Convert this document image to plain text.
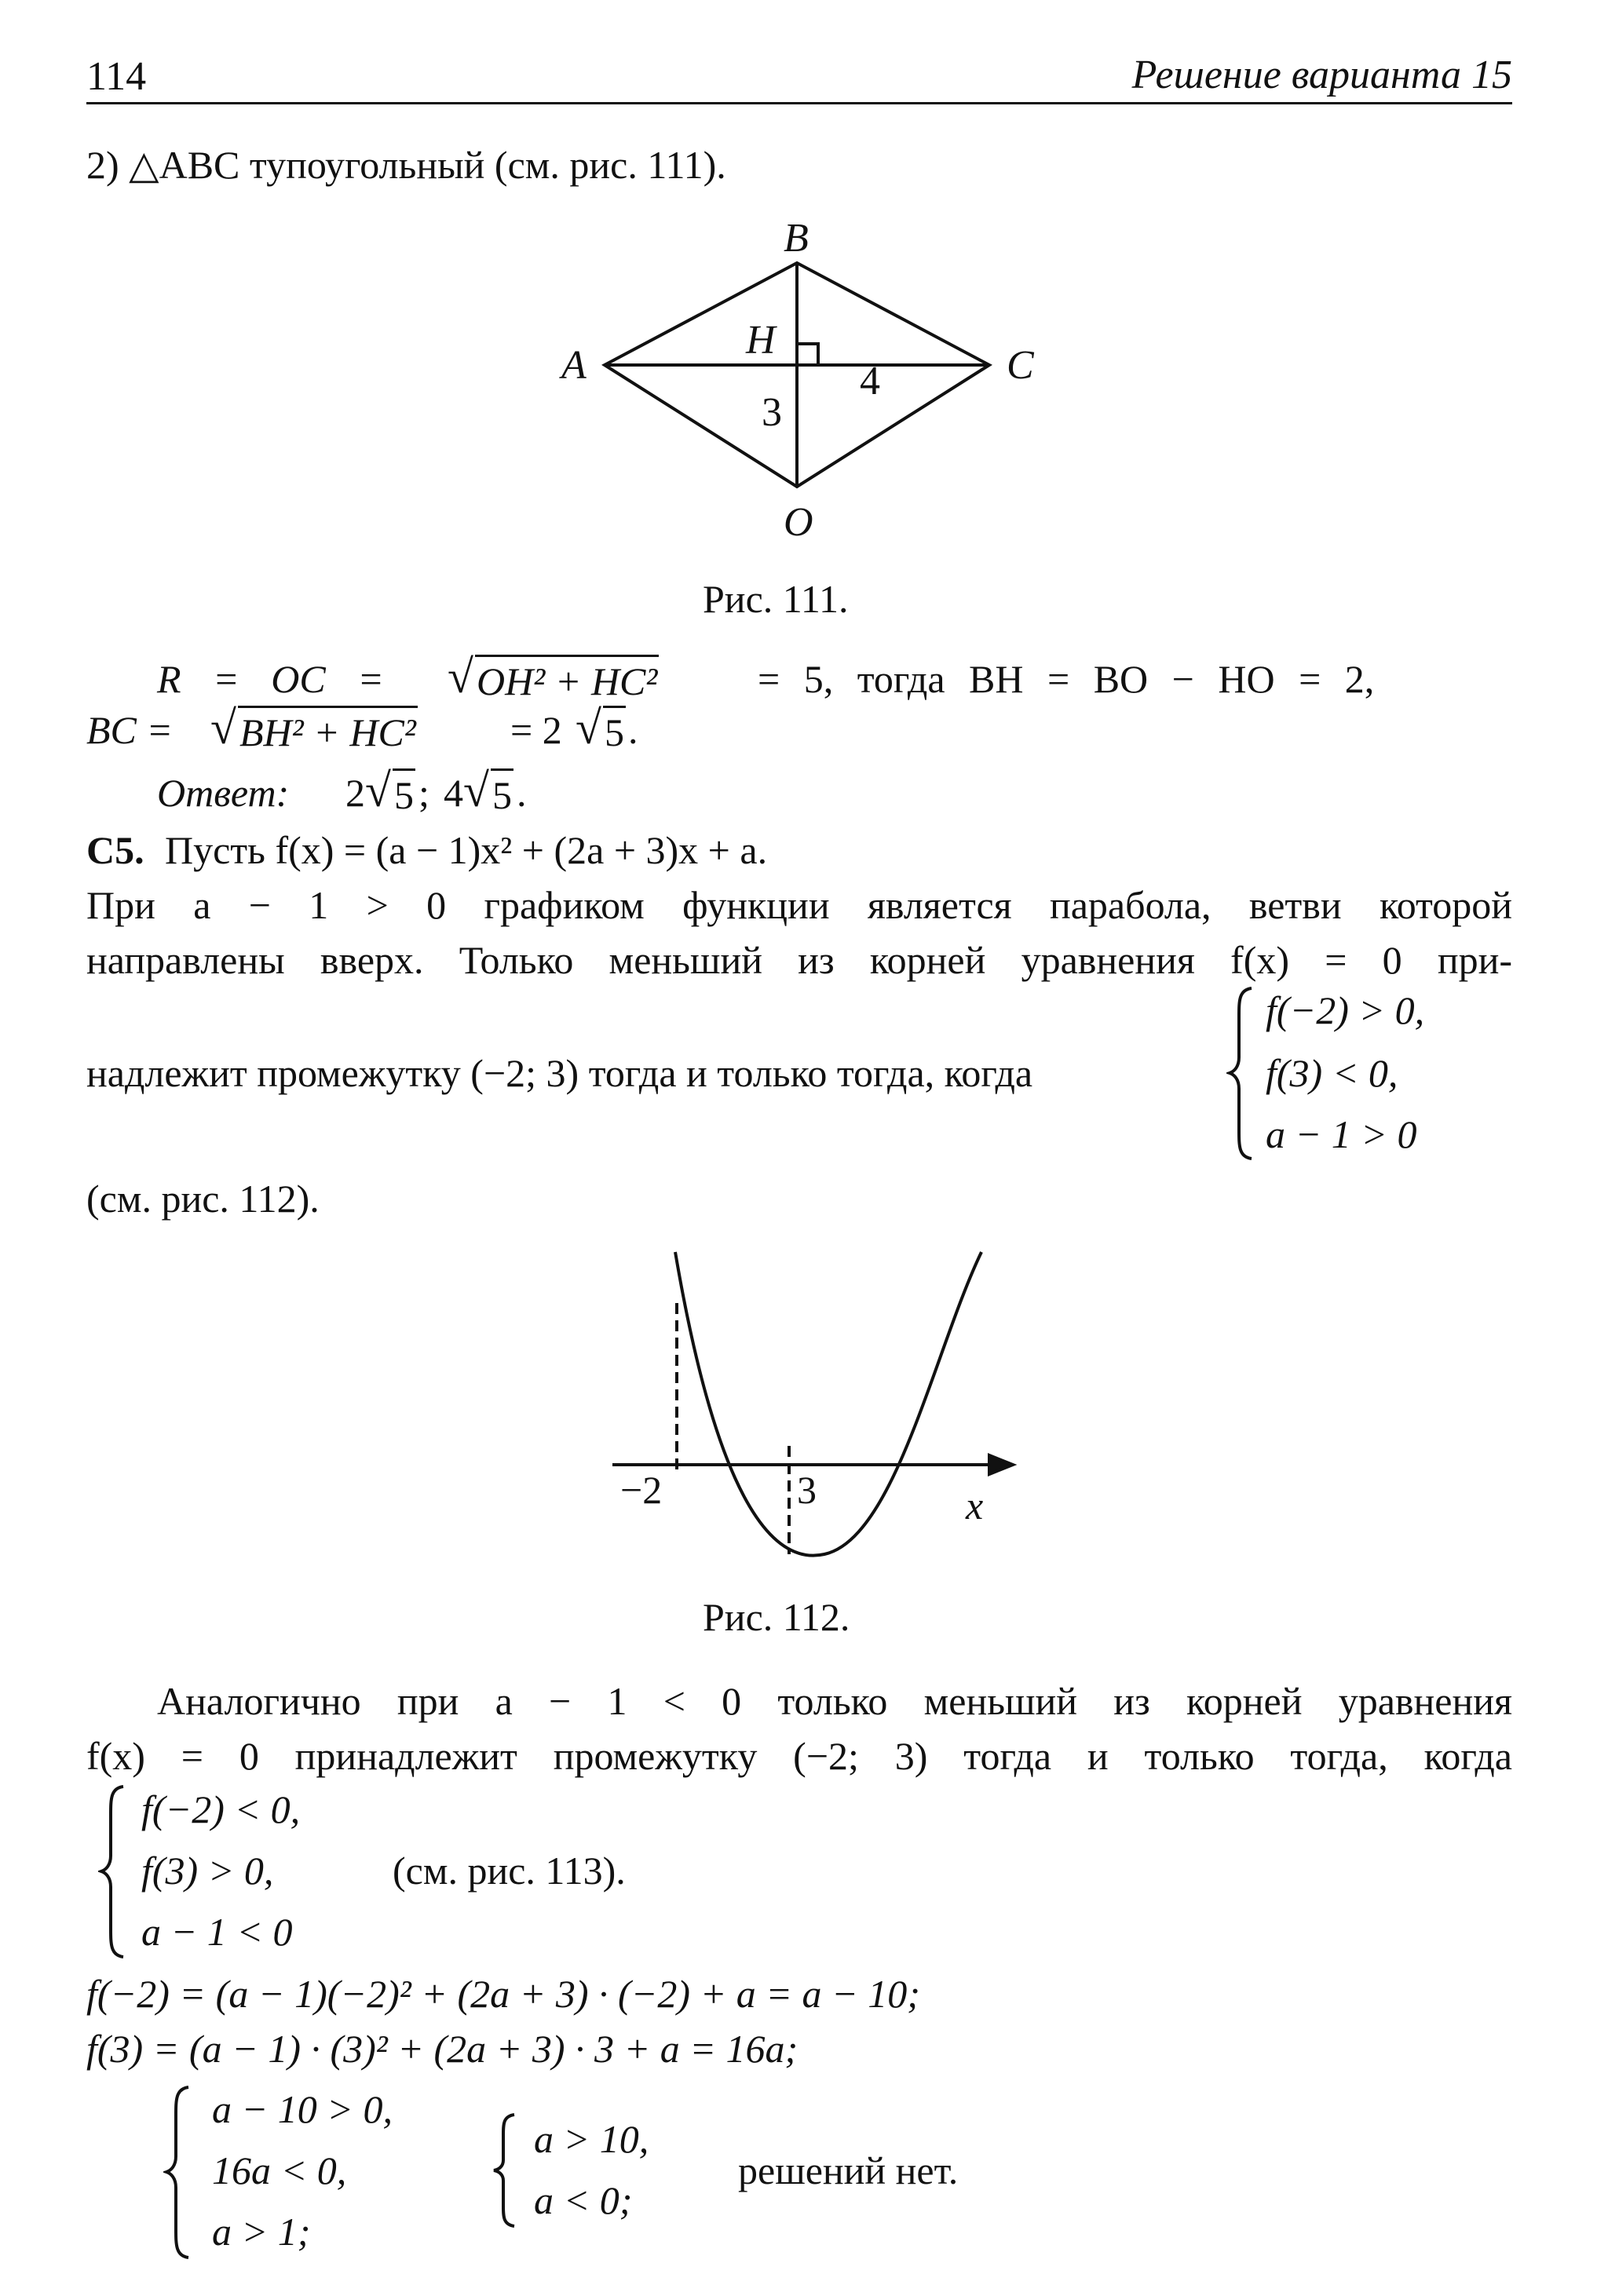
114	Решение варианта 15
2) △ABC тупоугольный (см. рис. 111).
B
A	C
H
O
3
4
Рис. 111.
R = OC = √ OH² + HC²	= 5, тогда BH = BO − HO = 2,
BC = √ BH² + HC² = 2 √ 5 .
Ответ: 2 √ 5 ; 4 √ 5 .
C5. Пусть f(x) = (a − 1)x² + (2a + 3)x + a.
При a − 1 > 0 графиком функции является парабола, ветви которой
направлены вверх. Только меньший из корней уравнения f(x) = 0 при-
надлежит промежутку (−2; 3) тогда и только тогда, когда
f(−2) > 0,
f(3) < 0,
a − 1 > 0
(см. рис. 112).
−2	3	x
Рис. 112.
Аналогично при a − 1 < 0 только меньший из корней уравнения
f(x) = 0 принадлежит промежутку (−2; 3) тогда и только тогда, когда
f(−2) < 0,
f(3) > 0,
a − 1 < 0
(см. рис. 113).
f(−2) = (a − 1)(−2)² + (2a + 3) · (−2) + a = a − 10;
f(3) = (a − 1) · (3)² + (2a + 3) · 3 + a = 16a;
a − 10 > 0,
16a < 0,
a > 1;
a > 10,
a < 0;
решений нет.
